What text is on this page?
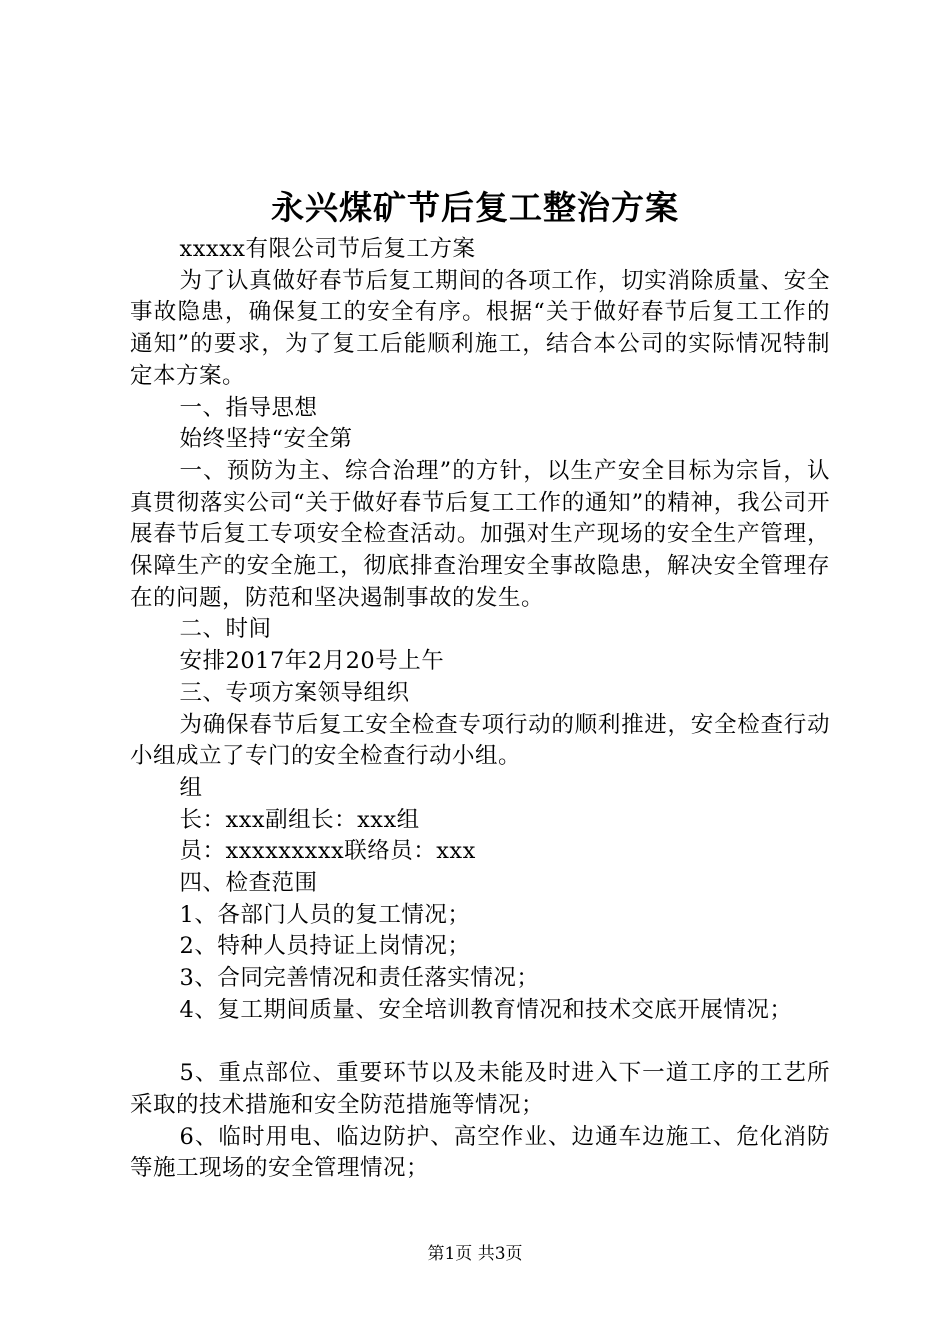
永兴煤矿节后复工整治方案

xxxxx有限公司节后复工方案

为了认真做好春节后复工期间的各项工作，切实消除质量、安全事故隐患，确保复工的安全有序。根据“关于做好春节后复工工作的通知”的要求，为了复工后能顺利施工，结合本公司的实际情况特制定本方案。

一、指导思想

始终坚持“安全第

一、预防为主、综合治理”的方针，以生产安全目标为宗旨，认真贯彻落实公司“关于做好春节后复工工作的通知”的精神，我公司开展春节后复工专项安全检查活动。加强对生产现场的安全生产管理，保障生产的安全施工，彻底排查治理安全事故隐患，解决安全管理存在的问题，防范和坚决遏制事故的发生。

二、时间

安排2017年2月20号上午

三、专项方案领导组织

为确保春节后复工安全检查专项行动的顺利推进，安全检查行动小组成立了专门的安全检查行动小组。

组

长：xxx副组长：xxx组

员：xxxxxxxxx联络员：xxx

四、检查范围

1、各部门人员的复工情况；

2、特种人员持证上岗情况；

3、合同完善情况和责任落实情况；

4、复工期间质量、安全培训教育情况和技术交底开展情况；

5、重点部位、重要环节以及未能及时进入下一道工序的工艺所采取的技术措施和安全防范措施等情况；

6、临时用电、临边防护、高空作业、边通车边施工、危化消防等施工现场的安全管理情况；

第1页 共3页
